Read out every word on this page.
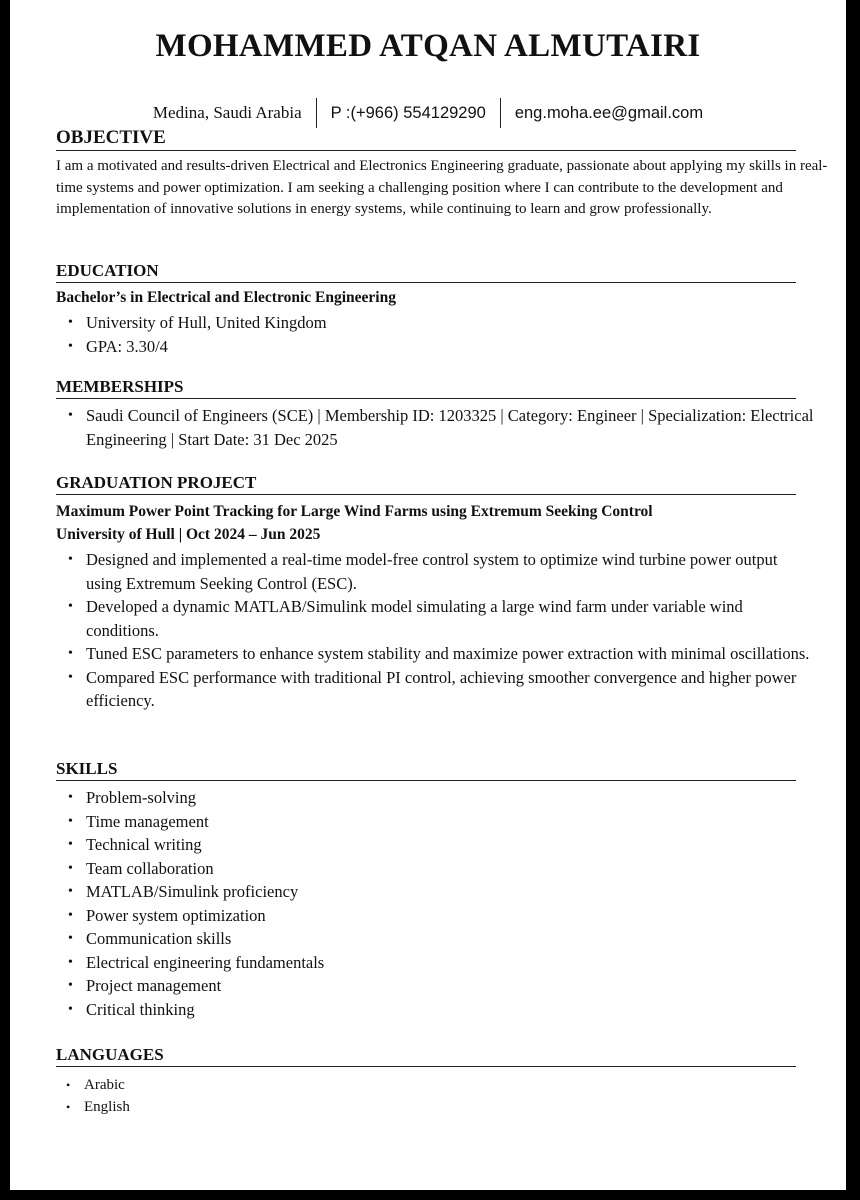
MOHAMMED ATQAN ALMUTAIRI
Medina, Saudi Arabia P :(+966) 554129290 eng.moha.ee@gmail.com
OBJECTIVE
I am a motivated and results-driven Electrical and Electronics Engineering graduate, passionate about applying my skills in real-time systems and power optimization. I am seeking a challenging position where I can contribute to the development and implementation of innovative solutions in energy systems, while continuing to learn and grow professionally.
EDUCATION
Bachelor’s in Electrical and Electronic Engineering
• University of Hull, United Kingdom
• GPA: 3.30/4
MEMBERSHIPS
• Saudi Council of Engineers (SCE) | Membership ID: 1203325 | Category: Engineer | Specialization: Electrical Engineering | Start Date: 31 Dec 2025
GRADUATION PROJECT
Maximum Power Point Tracking for Large Wind Farms using Extremum Seeking Control
University of Hull | Oct 2024 – Jun 2025
• Designed and implemented a real-time model-free control system to optimize wind turbine power output using Extremum Seeking Control (ESC).
• Developed a dynamic MATLAB/Simulink model simulating a large wind farm under variable wind conditions.
• Tuned ESC parameters to enhance system stability and maximize power extraction with minimal oscillations.
• Compared ESC performance with traditional PI control, achieving smoother convergence and higher power efficiency.
SKILLS
• Problem-solving
• Time management
• Technical writing
• Team collaboration
• MATLAB/Simulink proficiency
• Power system optimization
• Communication skills
• Electrical engineering fundamentals
• Project management
• Critical thinking
LANGUAGES
• Arabic
• English
